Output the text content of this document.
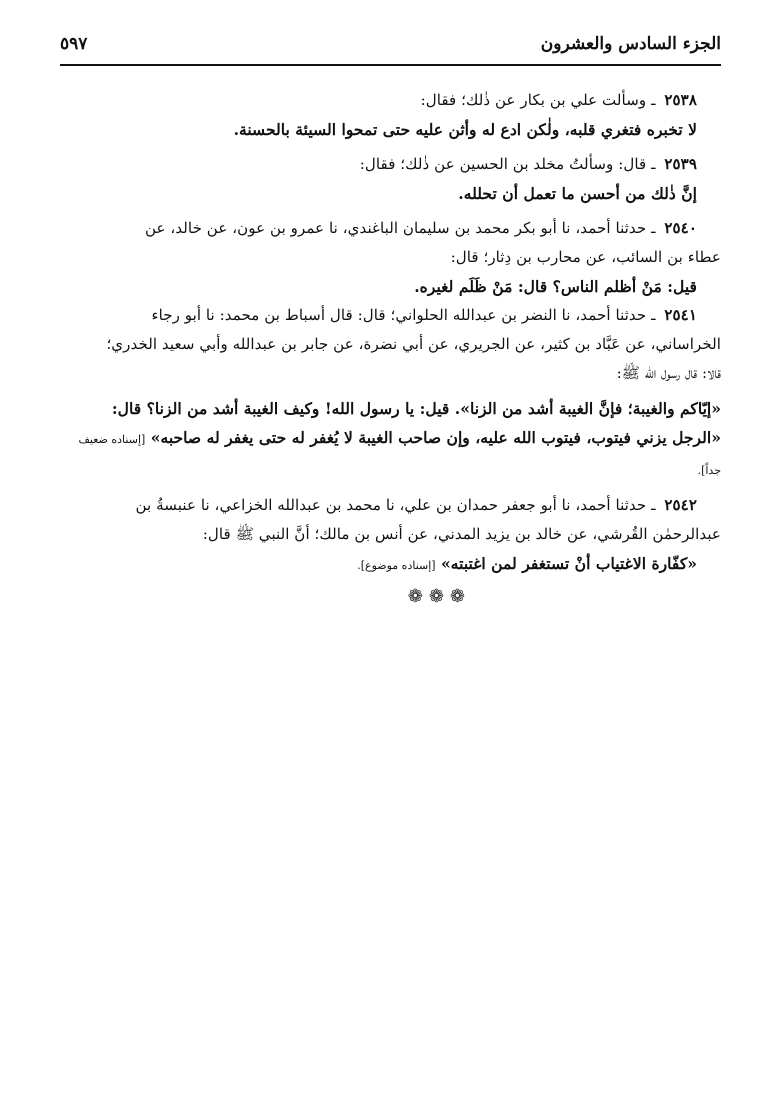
الجزء السادس والعشرون
٥٩٧

٢٥٣٨ ـ وسألت علي بن بكار عن ذٰلك؛ فقال:

لا تخبره فتغري قلبه، ولٰكن ادع له وأثن عليه حتى تمحوا السيئة بالحسنة.

٢٥٣٩ ـ قال: وسألتُ مخلد بن الحسين عن ذٰلك؛ فقال:

إنَّ ذٰلك من أحسن ما تعمل أن تحلله.

٢٥٤٠ ـ حدثنا أحمد، نا أبو بكر محمد بن سليمان الباغندي، نا عمرو بن عون، عن خالد، عن

عطاء بن السائب، عن محارب بن دِثار؛ قال:

قيل: مَنْ أظلم الناس؟ قال: مَنْ ظَلَم لغيره.

٢٥٤١ ـ حدثنا أحمد، نا النضر بن عبدالله الحلواني؛ قال: قال أسباط بن محمد: نا أبو رجاء

الخراساني، عن عَبَّاد بن كثير، عن الجريري، عن أبي نضرة، عن جابر بن عبدالله وأبي سعيد الخدري؛

قالا: قال رسول الله ﷺ:

«إيّاكم والغيبة؛ فإنَّ الغيبة أشد من الزنا». قيل: يا رسول الله! وكيف الغيبة أشد من الزنا؟ قال:

«الرجل يزني فيتوب، فيتوب الله عليه، وإن صاحب الغيبة لا يُغفر له حتى يغفر له صاحبه» [إسناده ضعيف جداً].

٢٥٤٢ ـ حدثنا أحمد، نا أبو جعفر حمدان بن علي، نا محمد بن عبدالله الخزاعي، نا عنبسةُ بن

عبدالرحمٰن القُرشي، عن خالد بن يزيد المدني، عن أنس بن مالك؛ أنَّ النبي ﷺ قال:

«كفّارة الاغتياب أنْ تستغفر لمن اغتبته» [إسناده موضوع].

❁❁❁
